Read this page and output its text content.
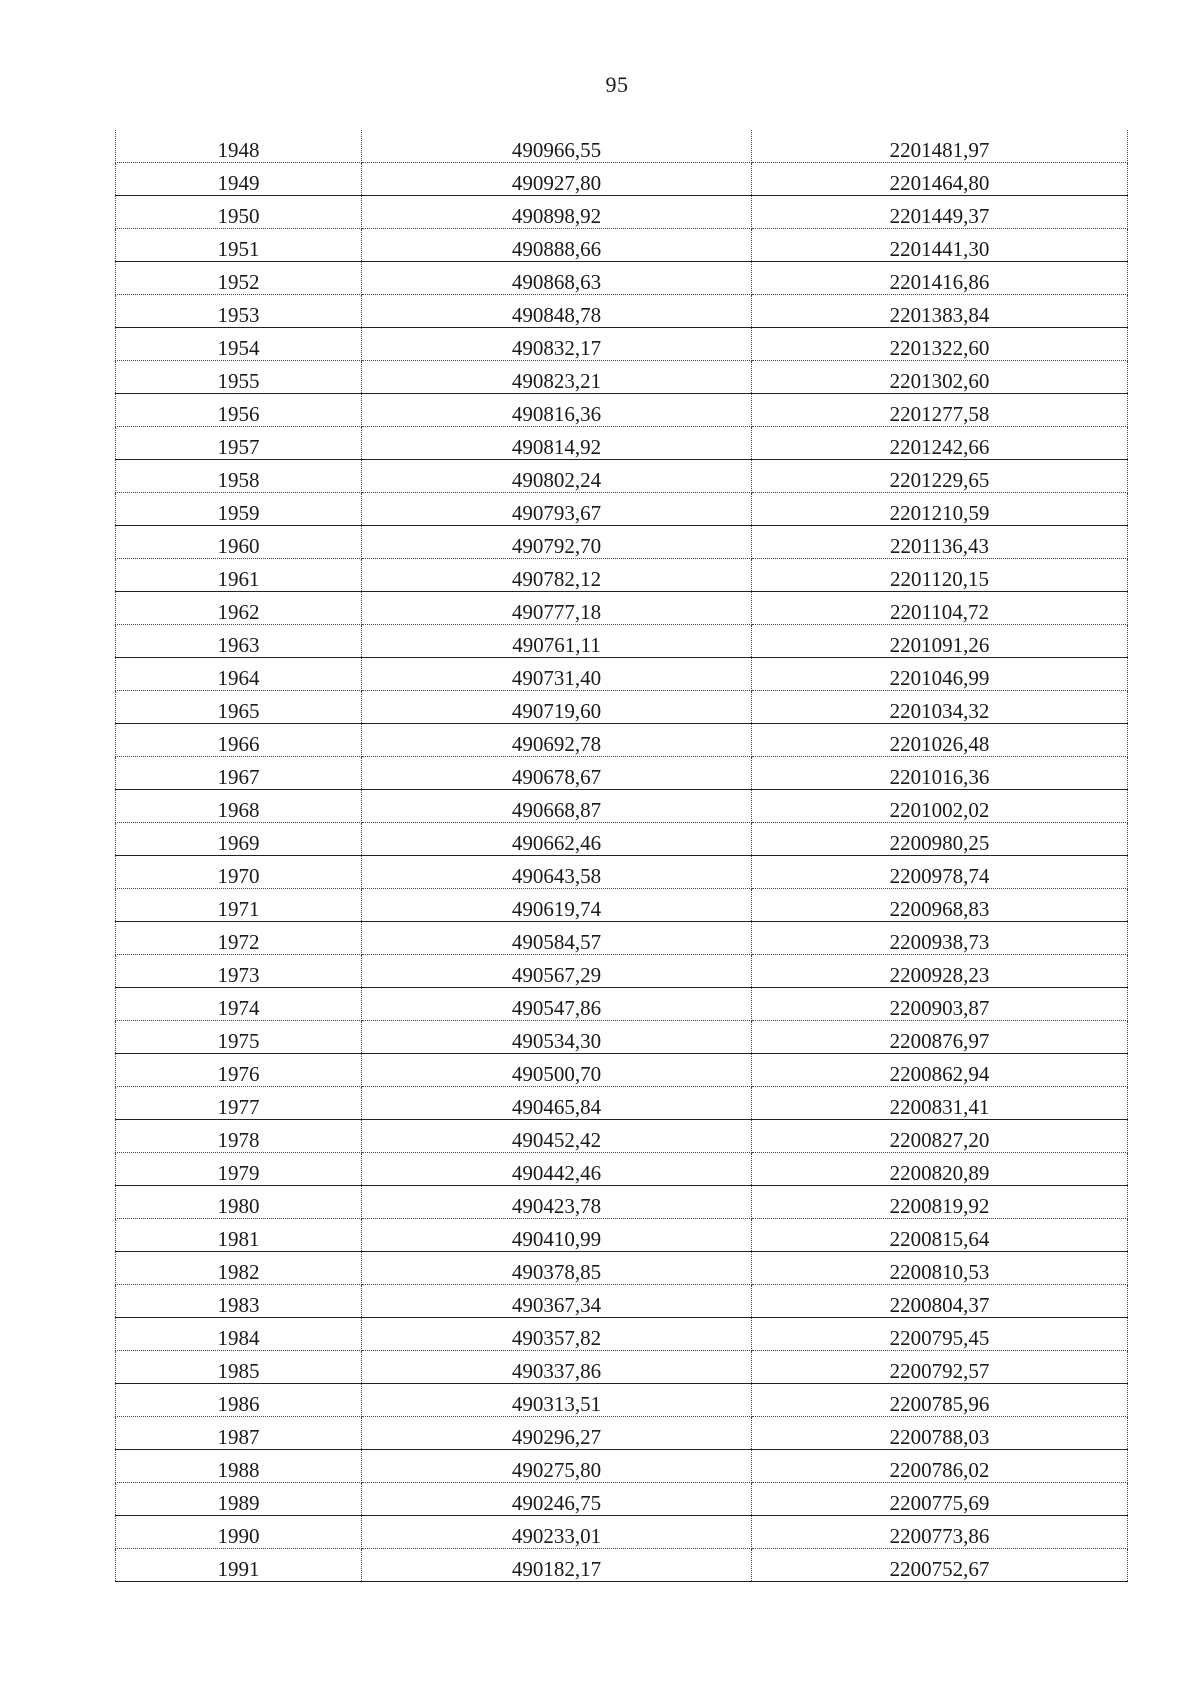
95
1948	490966,55	2201481,97
1949	490927,80	2201464,80
1950	490898,92	2201449,37
1951	490888,66	2201441,30
1952	490868,63	2201416,86
1953	490848,78	2201383,84
1954	490832,17	2201322,60
1955	490823,21	2201302,60
1956	490816,36	2201277,58
1957	490814,92	2201242,66
1958	490802,24	2201229,65
1959	490793,67	2201210,59
1960	490792,70	2201136,43
1961	490782,12	2201120,15
1962	490777,18	2201104,72
1963	490761,11	2201091,26
1964	490731,40	2201046,99
1965	490719,60	2201034,32
1966	490692,78	2201026,48
1967	490678,67	2201016,36
1968	490668,87	2201002,02
1969	490662,46	2200980,25
1970	490643,58	2200978,74
1971	490619,74	2200968,83
1972	490584,57	2200938,73
1973	490567,29	2200928,23
1974	490547,86	2200903,87
1975	490534,30	2200876,97
1976	490500,70	2200862,94
1977	490465,84	2200831,41
1978	490452,42	2200827,20
1979	490442,46	2200820,89
1980	490423,78	2200819,92
1981	490410,99	2200815,64
1982	490378,85	2200810,53
1983	490367,34	2200804,37
1984	490357,82	2200795,45
1985	490337,86	2200792,57
1986	490313,51	2200785,96
1987	490296,27	2200788,03
1988	490275,80	2200786,02
1989	490246,75	2200775,69
1990	490233,01	2200773,86
1991	490182,17	2200752,67
